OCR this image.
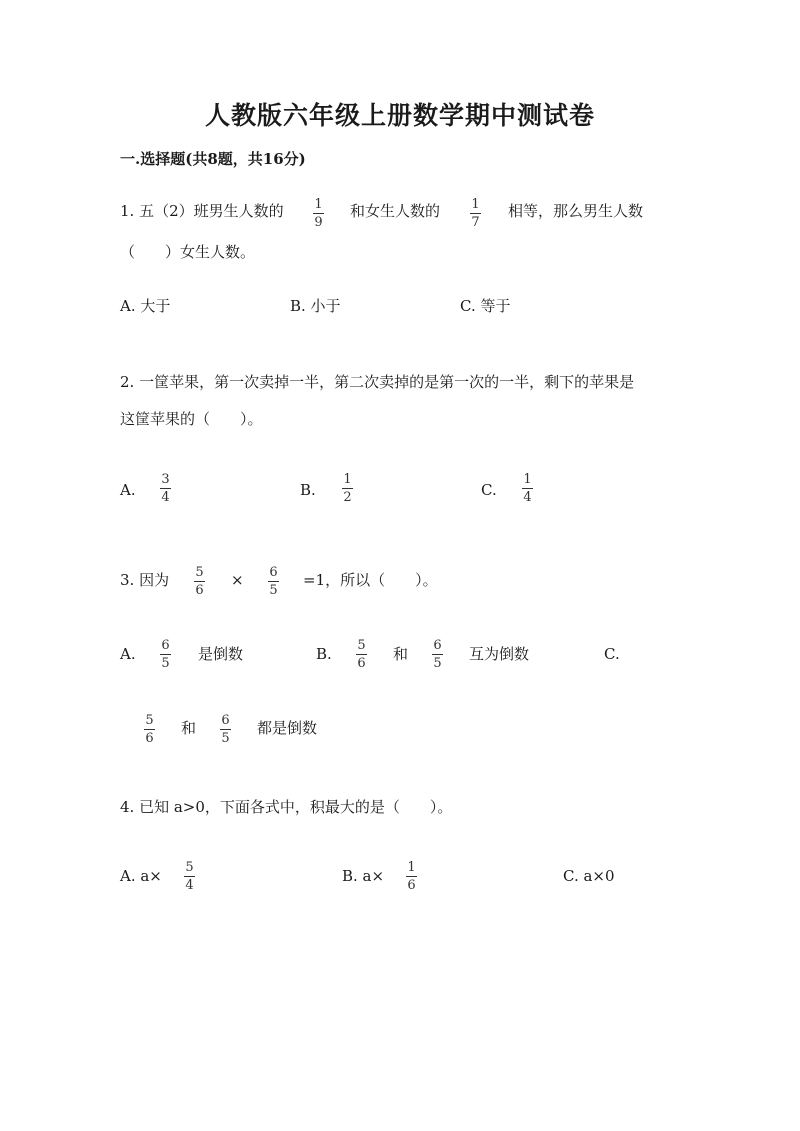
人教版六年级上册数学期中测试卷
一.选择题(共8题，共16分)
1. 五（2）班男生人数的 1
9
和女生人数的 1
7
相等，那么男生人数
（　　）女生人数。
A. 大于	B. 小于	C. 等于
2. 一筐苹果，第一次卖掉一半，第二次卖掉的是第一次的一半，剩下的苹果是
这筐苹果的（　　）。
A.
3
4	B.
1
2	C.
1
4
3. 因为 5
6
× 6
5
=1，所以（　　）。
A. 6
5
是倒数	B. 5
6
和 6
5
互为倒数	C.
5
6
和 6
5
都是倒数
4. 已知 a>0，下面各式中，积最大的是（　　）。
A. a× 5
4
B. a× 1
6
C. a×0
